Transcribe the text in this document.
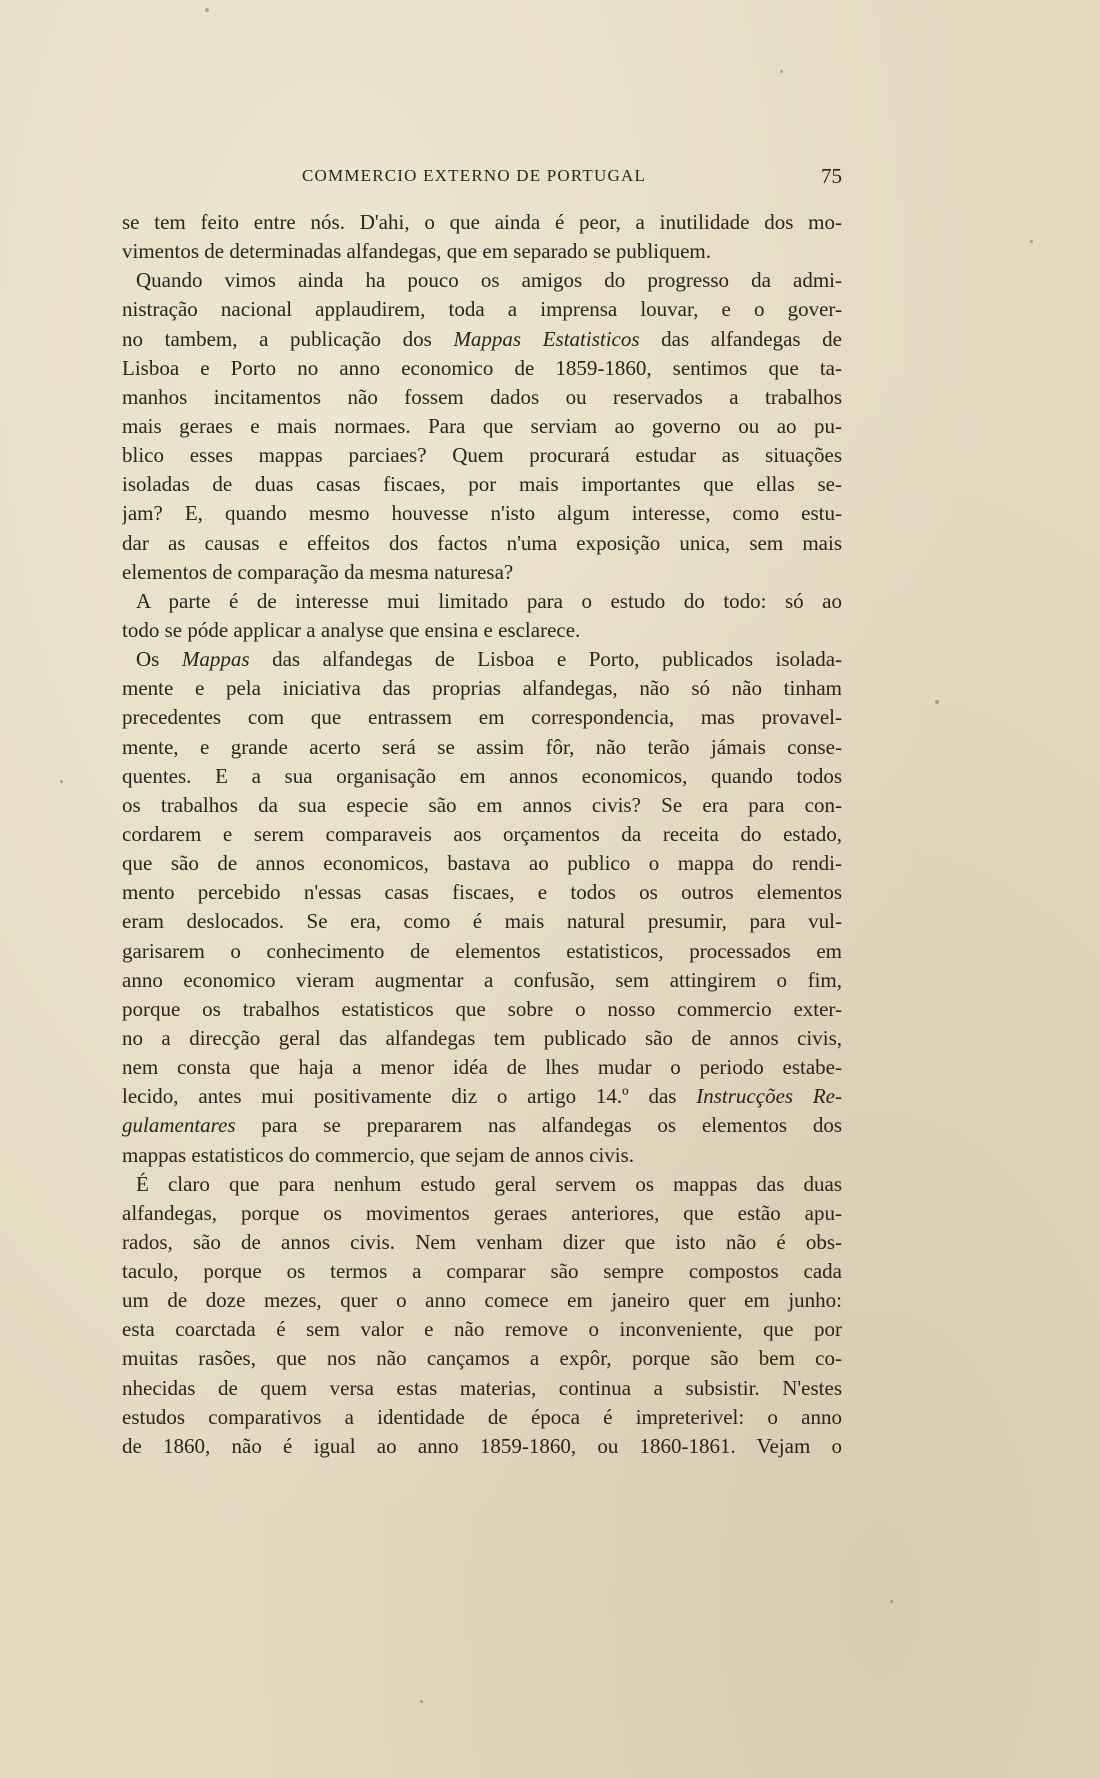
COMMERCIO EXTERNO DE PORTUGAL	75
se tem feito entre nós. D'ahi, o que ainda é peor, a inutilidade dos mo-
vimentos de determinadas alfandegas, que em separado se publiquem.
Quando vimos ainda ha pouco os amigos do progresso da admi-
nistração nacional applaudirem, toda a imprensa louvar, e o gover-
no tambem, a publicação dos Mappas Estatisticos das alfandegas de
Lisboa e Porto no anno economico de 1859-1860, sentimos que ta-
manhos incitamentos não fossem dados ou reservados a trabalhos
mais geraes e mais normaes. Para que serviam ao governo ou ao pu-
blico esses mappas parciaes? Quem procurará estudar as situações
isoladas de duas casas fiscaes, por mais importantes que ellas se-
jam? E, quando mesmo houvesse n'isto algum interesse, como estu-
dar as causas e effeitos dos factos n'uma exposição unica, sem mais
elementos de comparação da mesma naturesa?
A parte é de interesse mui limitado para o estudo do todo: só ao
todo se póde applicar a analyse que ensina e esclarece.
Os Mappas das alfandegas de Lisboa e Porto, publicados isolada-
mente e pela iniciativa das proprias alfandegas, não só não tinham
precedentes com que entrassem em correspondencia, mas provavel-
mente, e grande acerto será se assim fôr, não terão jámais conse-
quentes. E a sua organisação em annos economicos, quando todos
os trabalhos da sua especie são em annos civis? Se era para con-
cordarem e serem comparaveis aos orçamentos da receita do estado,
que são de annos economicos, bastava ao publico o mappa do rendi-
mento percebido n'essas casas fiscaes, e todos os outros elementos
eram deslocados. Se era, como é mais natural presumir, para vul-
garisarem o conhecimento de elementos estatisticos, processados em
anno economico vieram augmentar a confusão, sem attingirem o fim,
porque os trabalhos estatisticos que sobre o nosso commercio exter-
no a direcção geral das alfandegas tem publicado são de annos civis,
nem consta que haja a menor idéa de lhes mudar o periodo estabe-
lecido, antes mui positivamente diz o artigo 14.º das Instrucções Re-
gulamentares para se prepararem nas alfandegas os elementos dos
mappas estatisticos do commercio, que sejam de annos civis.
É claro que para nenhum estudo geral servem os mappas das duas
alfandegas, porque os movimentos geraes anteriores, que estão apu-
rados, são de annos civis. Nem venham dizer que isto não é obs-
taculo, porque os termos a comparar são sempre compostos cada
um de doze mezes, quer o anno comece em janeiro quer em junho:
esta coarctada é sem valor e não remove o inconveniente, que por
muitas rasões, que nos não cançamos a expôr, porque são bem co-
nhecidas de quem versa estas materias, continua a subsistir. N'estes
estudos comparativos a identidade de época é impreterivel: o anno
de 1860, não é igual ao anno 1859-1860, ou 1860-1861. Vejam o
